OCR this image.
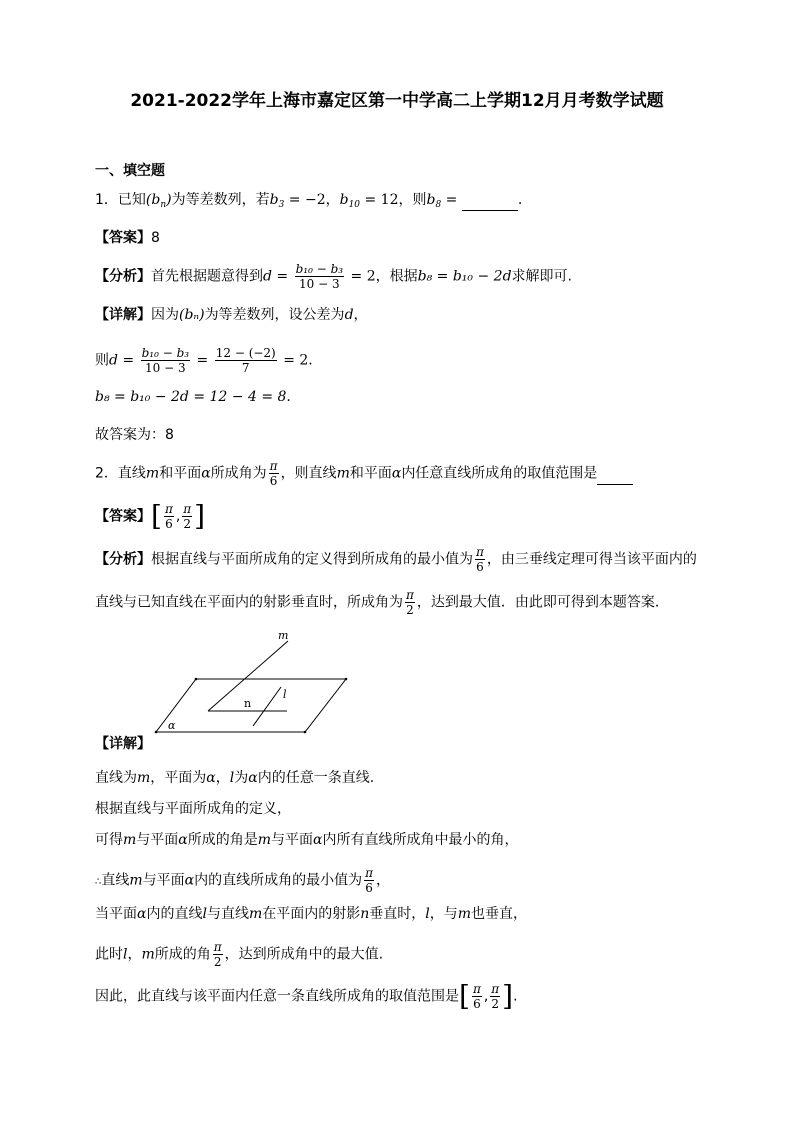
2021-2022学年上海市嘉定区第一中学高二上学期12月月考数学试题
一、填空题
1．已知$(b_n)$为等差数列，若$b_3 = -2$，$b_{10} = 12$，则$b_8$ =	.
【答案】8
【分析】首先根据题意得到$d = \frac{\text{b₁₀ − b₃}}{10 - 3} = 2$，根据b₈ = b₁₀ − 2d求解即可.
【详解】因为(bₙ)为等差数列，设公差为d，
则$d = \frac{\text{b₁₀ − b₃}}{10 - 3} = \frac{12 - (-2)}{7} = 2$.
b₈ = b₁₀ − 2d = 12 − 4 = 8.
故答案为：8
2．直线m和平面α所成角为 $\frac{\pi}{6}$ ，则直线m和平面α内任意直线所成角的取值范围是
【答案】[ $\frac{\pi}{6}$ , $\frac{\pi}{2}$ ]
【分析】根据直线与平面所成角的定义得到所成角的最小值为 $\frac{\pi}{6}$ ，由三垂线定理可得当该平面内的
直线与已知直线在平面内的射影垂直时，所成角为 $\frac{\pi}{2}$ ，达到最大值．由此即可得到本题答案．
m
n
l
α
【详解】
直线为m，平面为α，l为α内的任意一条直线.
根据直线与平面所成角的定义，
可得m与平面α所成的角是m与平面α内所有直线所成角中最小的角，
∴直线m与平面α内的直线所成角的最小值为 $\frac{\pi}{6}$ ，
当平面α内的直线l与直线m在平面内的射影n垂直时，l，与m也垂直，
此时l，m所成的角 $\frac{\pi}{2}$ ，达到所成角中的最大值.
因此，此直线与该平面内任意一条直线所成角的取值范围是[ $\frac{\pi}{6}$ , $\frac{\pi}{2}$ ].
